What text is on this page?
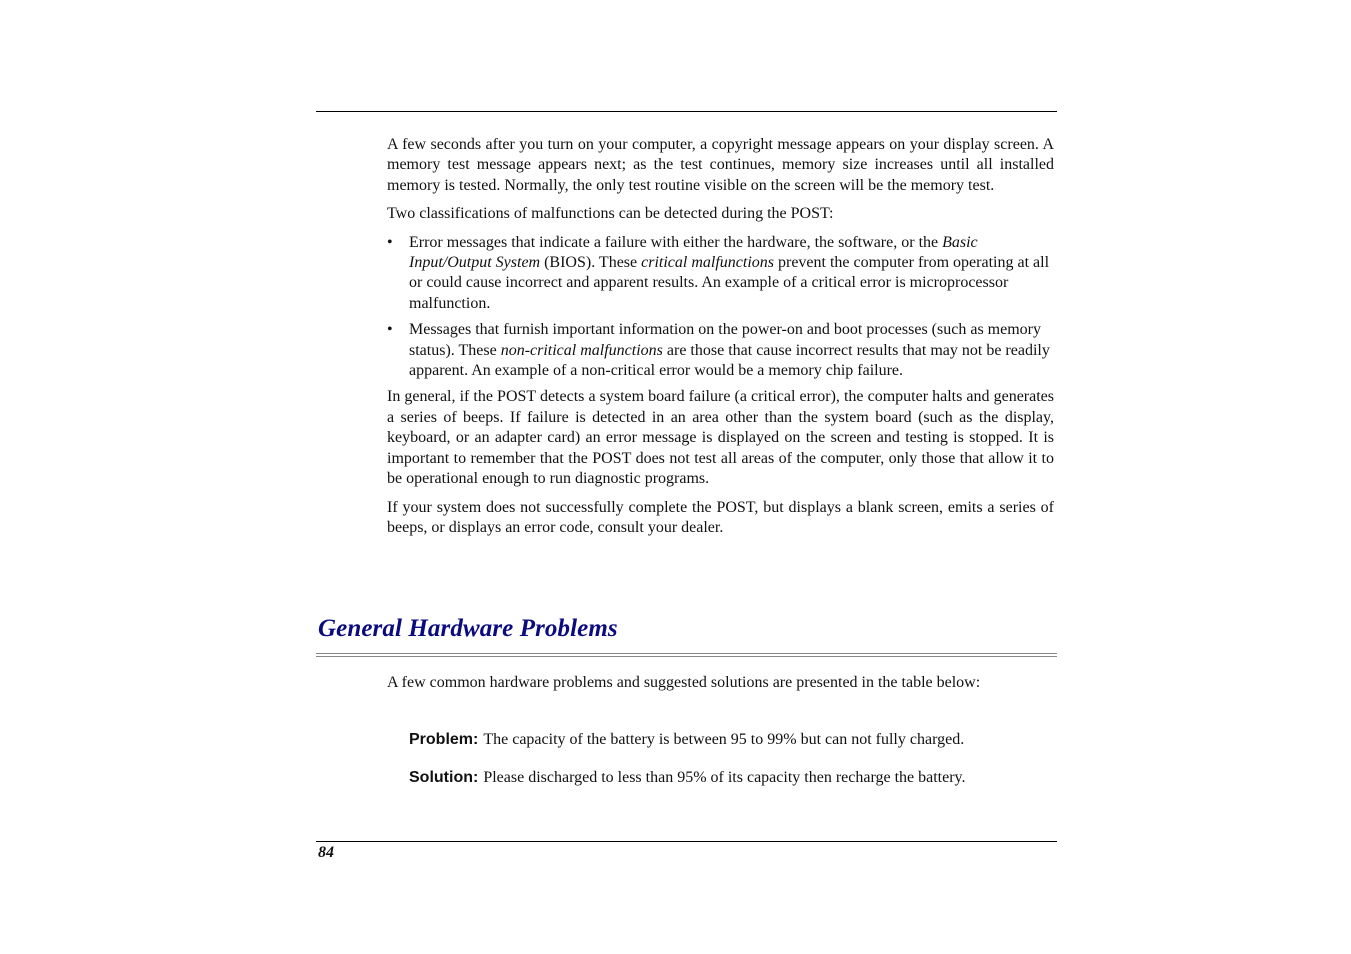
A few seconds after you turn on your computer, a copyright message appears on your display screen. A memory test message appears next; as the test continues, memory size increases until all installed memory is tested. Normally, the only test routine visible on the screen will be the memory test.

Two classifications of malfunctions can be detected during the POST:

• Error messages that indicate a failure with either the hardware, the software, or the Basic Input/Output System (BIOS). These critical malfunctions prevent the computer from operating at all or could cause incorrect and apparent results. An example of a critical error is microprocessor malfunction.
• Messages that furnish important information on the power-on and boot processes (such as memory status). These non-critical malfunctions are those that cause incorrect results that may not be readily apparent. An example of a non-critical error would be a memory chip failure.

In general, if the POST detects a system board failure (a critical error), the computer halts and generates a series of beeps. If failure is detected in an area other than the system board (such as the display, keyboard, or an adapter card) an error message is displayed on the screen and testing is stopped. It is important to remember that the POST does not test all areas of the computer, only those that allow it to be operational enough to run diagnostic programs.

If your system does not successfully complete the POST, but displays a blank screen, emits a series of beeps, or displays an error code, consult your dealer.

General Hardware Problems

A few common hardware problems and suggested solutions are presented in the table below:

Problem: The capacity of the battery is between 95 to 99% but can not fully charged.
Solution: Please discharged to less than 95% of its capacity then recharge the battery.
84
